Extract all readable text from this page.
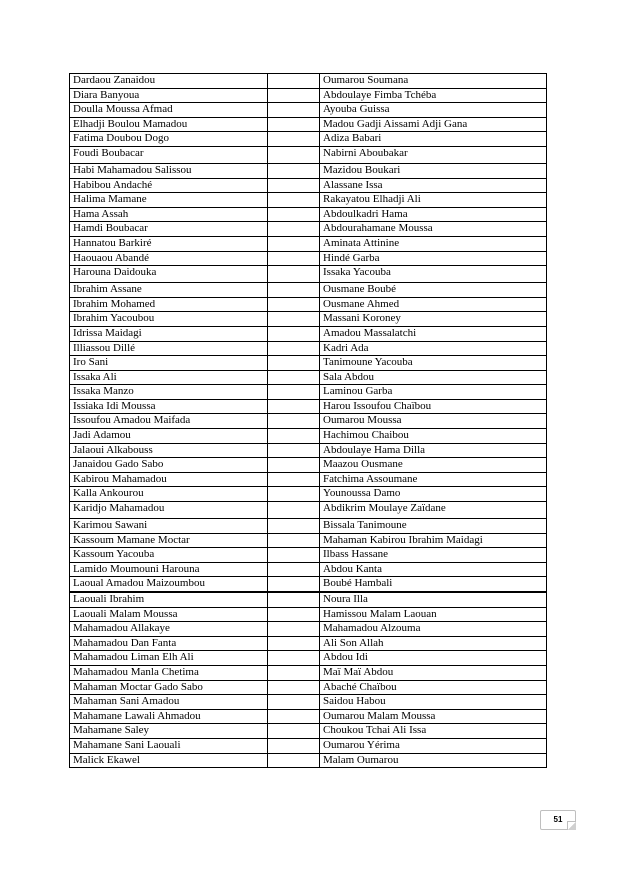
Dardaou Zanaidou		Oumarou Soumana
Diara Banyoua		Abdoulaye Fimba Tchéba
Doulla Moussa Afmad		Ayouba Guissa
Elhadji Boulou Mamadou		Madou Gadji Aissami Adji Gana
Fatima Doubou Dogo		Adiza Babari
Foudi Boubacar		Nabirni Aboubakar
Habi Mahamadou Salissou		Mazidou Boukari
Habibou Andaché		Alassane Issa
Halima Mamane		Rakayatou Elhadji Ali
Hama Assah		Abdoulkadri Hama
Hamdi Boubacar		Abdourahamane Moussa
Hannatou Barkiré		Aminata Attinine
Haouaou Abandé		Hindé Garba
Harouna Daidouka		Issaka Yacouba
Ibrahim Assane		Ousmane Boubé
Ibrahim Mohamed		Ousmane Ahmed
Ibrahim Yacoubou		Massani Koroney
Idrissa Maidagi		Amadou Massalatchi
Illiassou Dillé		Kadri Ada
Iro Sani		Tanimoune Yacouba
Issaka Ali		Sala Abdou
Issaka Manzo		Laminou Garba
Issiaka Idi Moussa		Harou Issoufou Chaïbou
Issoufou Amadou Maifada		Oumarou Moussa
Jadi Adamou		Hachimou Chaibou
Jalaoui Alkabouss		Abdoulaye Hama Dilla
Janaidou Gado Sabo		Maazou Ousmane
Kabirou Mahamadou		Fatchima Assoumane
Kalla Ankourou		Younoussa Damo
Karidjo Mahamadou		Abdikrim Moulaye Zaïdane
Karimou Sawani		Bissala Tanimoune
Kassoum Mamane Moctar		Mahaman Kabirou Ibrahim Maidagi
Kassoum Yacouba		Ilbass Hassane
Lamido Moumouni Harouna		Abdou Kanta
Laoual Amadou Maizoumbou		Boubé Hambali
Laouali Ibrahim		Noura Illa
Laouali Malam Moussa		Hamissou Malam Laouan
Mahamadou Allakaye		Mahamadou Alzouma
Mahamadou Dan Fanta		Ali Son Allah
Mahamadou Liman Elh Ali		Abdou Idi
Mahamadou Manla Chetima		Maï Maï Abdou
Mahaman Moctar Gado Sabo		Abaché Chaïbou
Mahaman Sani Amadou		Saidou Habou
Mahamane Lawali Ahmadou		Oumarou Malam Moussa
Mahamane Saley		Choukou Tchai Ali Issa
Mahamane Sani Laouali		Oumarou Yérima
Malick Ekawel		Malam Oumarou
51
